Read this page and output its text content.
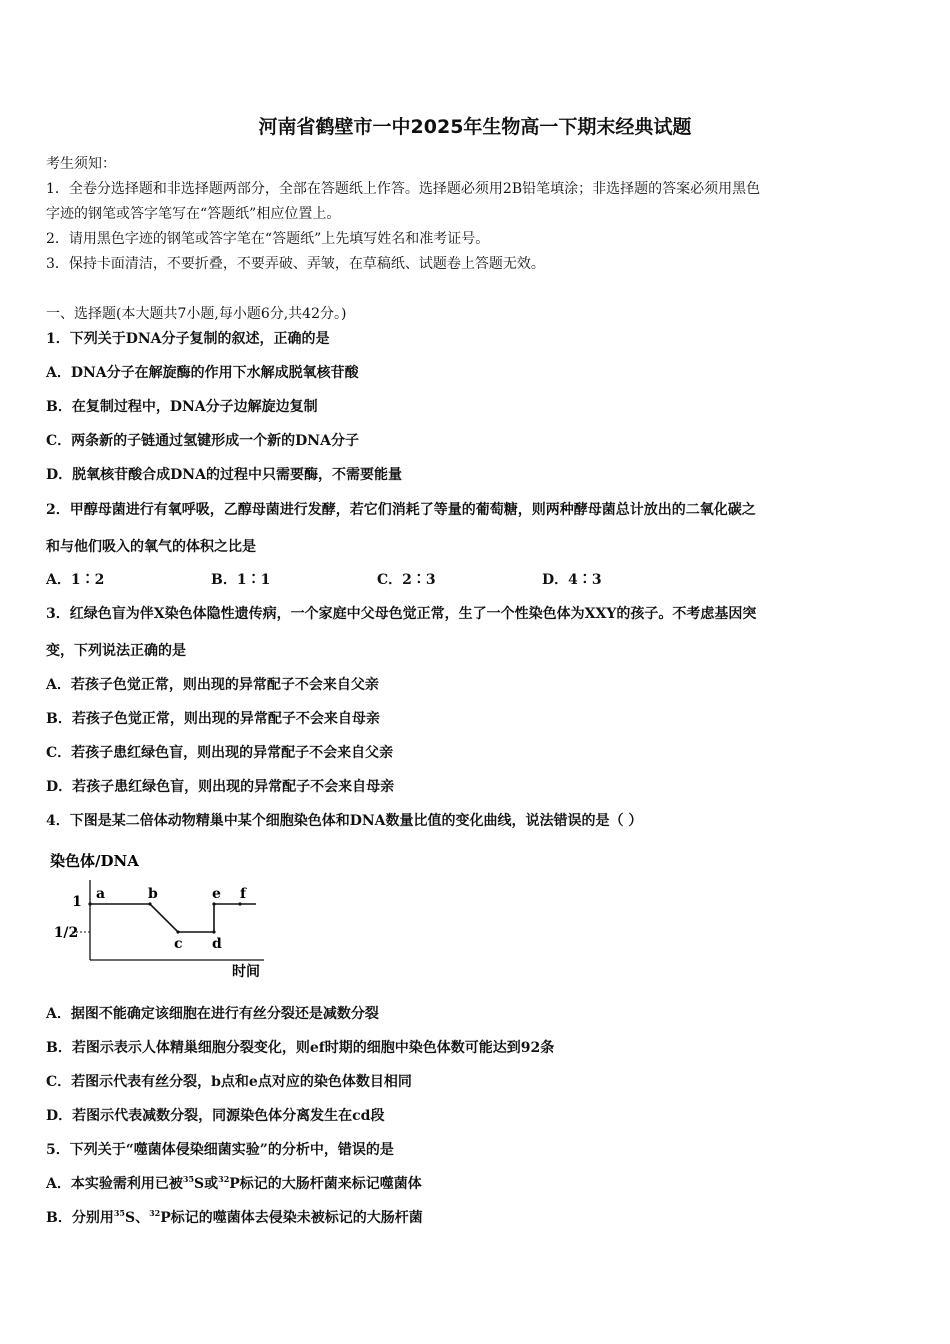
河南省鹤壁市一中2025年生物高一下期末经典试题
考生须知：
1．全卷分选择题和非选择题两部分，全部在答题纸上作答。选择题必须用2B铅笔填涂；非选择题的答案必须用黑色
字迹的钢笔或答字笔写在“答题纸”相应位置上。
2．请用黑色字迹的钢笔或答字笔在“答题纸”上先填写姓名和准考证号。
3．保持卡面清洁，不要折叠，不要弄破、弄皱，在草稿纸、试题卷上答题无效。
一、选择题(本大题共7小题,每小题6分,共42分。)
1．下列关于DNA分子复制的叙述，正确的是
A．DNA分子在解旋酶的作用下水解成脱氧核苷酸
B．在复制过程中，DNA分子边解旋边复制
C．两条新的子链通过氢键形成一个新的DNA分子
D．脱氧核苷酸合成DNA的过程中只需要酶，不需要能量
2．甲醇母菌进行有氧呼吸，乙醇母菌进行发酵，若它们消耗了等量的葡萄糖，则两种酵母菌总计放出的二氧化碳之
和与他们吸入的氧气的体积之比是
A．1∶2	B．1∶1	C．2∶3	D．4∶3
3．红绿色盲为伴X染色体隐性遗传病，一个家庭中父母色觉正常，生了一个性染色体为XXY的孩子。不考虑基因突
变，下列说法正确的是
A．若孩子色觉正常，则出现的异常配子不会来自父亲
B．若孩子色觉正常，则出现的异常配子不会来自母亲
C．若孩子患红绿色盲，则出现的异常配子不会来自父亲
D．若孩子患红绿色盲，则出现的异常配子不会来自母亲
4．下图是某二倍体动物精巢中某个细胞染色体和DNA数量比值的变化曲线，说法错误的是（ ）
染色体/DNA
1
1/2
a	b
c d
e f
时间
A．据图不能确定该细胞在进行有丝分裂还是减数分裂
B．若图示表示人体精巢细胞分裂变化，则ef时期的细胞中染色体数可能达到92条
C．若图示代表有丝分裂，b点和e点对应的染色体数目相同
D．若图示代表减数分裂，同源染色体分离发生在cd段
5．下列关于“噬菌体侵染细菌实验”的分析中，错误的是
A．本实验需利用已被$^{35}$S或$^{32}$P标记的大肠杆菌来标记噬菌体
B．分别用$^{35}$S、$^{32}$P标记的噬菌体去侵染未被标记的大肠杆菌
